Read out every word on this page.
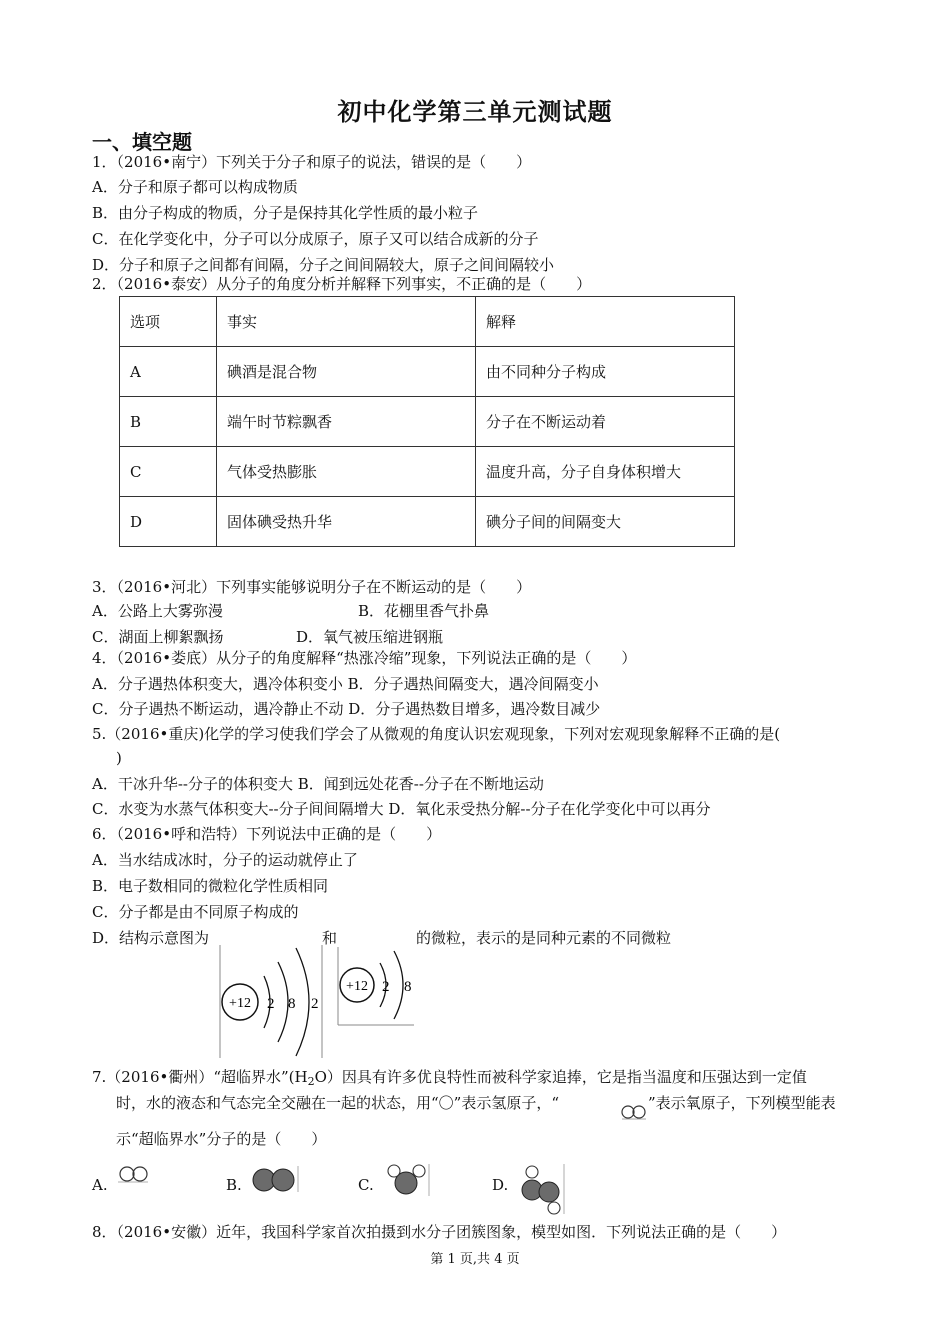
初中化学第三单元测试题
一、填空题
1．（2016•南宁）下列关于分子和原子的说法，错误的是（　　）
A．分子和原子都可以构成物质
B．由分子构成的物质，分子是保持其化学性质的最小粒子
C．在化学变化中，分子可以分成原子，原子又可以结合成新的分子
D．分子和原子之间都有间隔，分子之间间隔较大，原子之间间隔较小
2．（2016•泰安）从分子的角度分析并解释下列事实，不正确的是（　　）
选项	事实	解释
A	碘酒是混合物	由不同种分子构成
B	端午时节粽飘香	分子在不断运动着
C	气体受热膨胀	温度升高，分子自身体积增大
D	固体碘受热升华	碘分子间的间隔变大
3．（2016•河北）下列事实能够说明分子在不断运动的是（　　）
A．公路上大雾弥漫	B．花棚里香气扑鼻
C．湖面上柳絮飘扬	D．氧气被压缩进钢瓶
4．（2016•娄底）从分子的角度解释“热涨冷缩”现象，下列说法正确的是（　　）
A．分子遇热体积变大，遇冷体积变小 B．分子遇热间隔变大，遇冷间隔变小
C．分子遇热不断运动，遇冷静止不动 D．分子遇热数目增多，遇冷数目减少
5.（2016•重庆)化学的学习使我们学会了从微观的角度认识宏观现象，下列对宏观现象解释不正确的是(
)
A．干冰升华--分子的体积变大 B．闻到远处花香--分子在不断地运动
C．水变为水蒸气体积变大--分子间间隔增大 D．氧化汞受热分解--分子在化学变化中可以再分
6．（2016•呼和浩特）下列说法中正确的是（　　）
A．当水结成冰时，分子的运动就停止了
B．电子数相同的微粒化学性质相同
C．分子都是由不同原子构成的
D．结构示意图为	和	的微粒，表示的是同种元素的不同微粒
+12 2 8 2
+12 2 8
7.（2016•衢州）“超临界水$”(H_2O)$因具有许多优良特性而被科学家追捧，它是指当温度和压强达到一定值
时，水的液态和气态完全交融在一起的状态，用“〇”表示氢原子，“	”表示氧原子，下列模型能表
示“超临界水”分子的是（　　）
A.	B.	C.	D.
8．（2016•安徽）近年，我国科学家首次拍摄到水分子团簇图象，模型如图．下列说法正确的是（　　）
第 1 页,共 4 页
